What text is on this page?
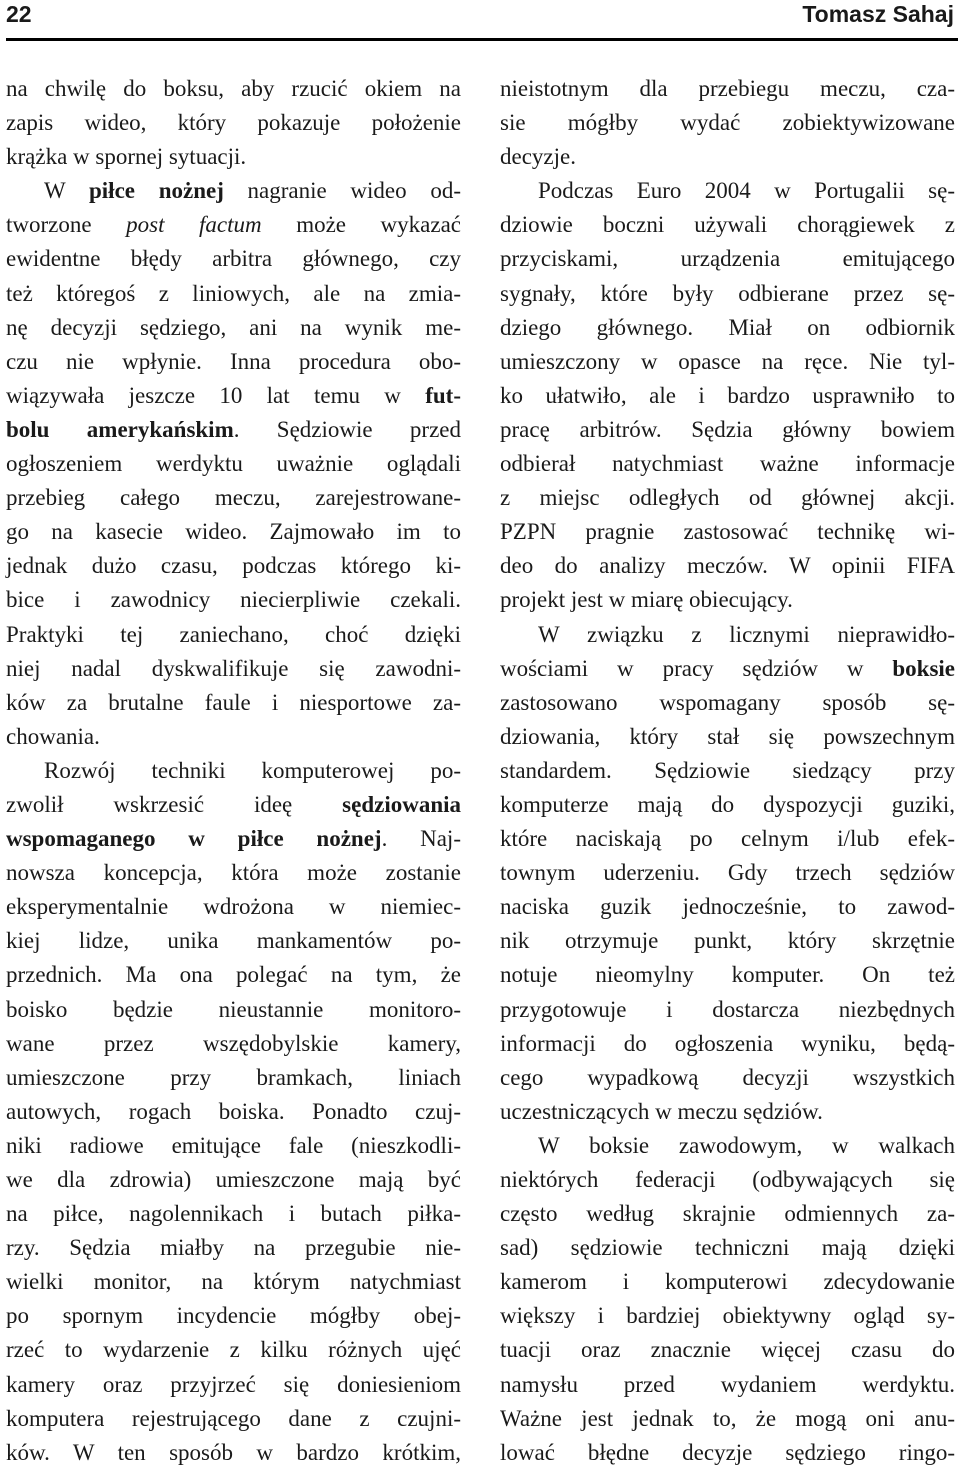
22	Tomasz Sahaj
na chwilę do boksu, aby rzucić okiem na
zapis wideo, który pokazuje położenie
krążka w spornej sytuacji.
W piłce nożnej nagranie wideo od-
tworzone post factum może wykazać
ewidentne błędy arbitra głównego, czy
też któregoś z liniowych, ale na zmia-
nę decyzji sędziego, ani na wynik me-
czu nie wpłynie. Inna procedura obo-
wiązywała jeszcze 10 lat temu w fut-
bolu amerykańskim. Sędziowie przed
ogłoszeniem werdyktu uważnie oglądali
przebieg całego meczu, zarejestrowane-
go na kasecie wideo. Zajmowało im to
jednak dużo czasu, podczas którego ki-
bice i zawodnicy niecierpliwie czekali.
Praktyki tej zaniechano, choć dzięki
niej nadal dyskwalifikuje się zawodni-
ków za brutalne faule i niesportowe za-
chowania.
Rozwój techniki komputerowej po-
zwolił wskrzesić ideę sędziowania
wspomaganego w piłce nożnej. Naj-
nowsza koncepcja, która może zostanie
eksperymentalnie wdrożona w niemiec-
kiej lidze, unika mankamentów po-
przednich. Ma ona polegać na tym, że
boisko będzie nieustannie monitoro-
wane przez wszędobylskie kamery,
umieszczone przy bramkach, liniach
autowych, rogach boiska. Ponadto czuj-
niki radiowe emitujące fale (nieszkodli-
we dla zdrowia) umieszczone mają być
na piłce, nagolennikach i butach piłka-
rzy. Sędzia miałby na przegubie nie-
wielki monitor, na którym natychmiast
po spornym incydencie mógłby obej-
rzeć to wydarzenie z kilku różnych ujęć
kamery oraz przyjrzeć się doniesieniom
komputera rejestrującego dane z czujni-
ków. W ten sposób w bardzo krótkim,
nieistotnym dla przebiegu meczu, cza-
sie mógłby wydać zobiektywizowane
decyzje.
Podczas Euro 2004 w Portugalii sę-
dziowie boczni używali chorągiewek z
przyciskami, urządzenia emitującego
sygnały, które były odbierane przez sę-
dziego głównego. Miał on odbiornik
umieszczony w opasce na ręce. Nie tyl-
ko ułatwiło, ale i bardzo usprawniło to
pracę arbitrów. Sędzia główny bowiem
odbierał natychmiast ważne informacje
z miejsc odległych od głównej akcji.
PZPN pragnie zastosować technikę wi-
deo do analizy meczów. W opinii FIFA
projekt jest w miarę obiecujący.
W związku z licznymi nieprawidło-
wościami w pracy sędziów w boksie
zastosowano wspomagany sposób sę-
dziowania, który stał się powszechnym
standardem. Sędziowie siedzący przy
komputerze mają do dyspozycji guziki,
które naciskają po celnym i/lub efek-
townym uderzeniu. Gdy trzech sędziów
naciska guzik jednocześnie, to zawod-
nik otrzymuje punkt, który skrzętnie
notuje nieomylny komputer. On też
przygotowuje i dostarcza niezbędnych
informacji do ogłoszenia wyniku, będą-
cego wypadkową decyzji wszystkich
uczestniczących w meczu sędziów.
W boksie zawodowym, w walkach
niektórych federacji (odbywających się
często według skrajnie odmiennych za-
sad) sędziowie techniczni mają dzięki
kamerom i komputerowi zdecydowanie
większy i bardziej obiektywny ogląd sy-
tuacji oraz znacznie więcej czasu do
namysłu przed wydaniem werdyktu.
Ważne jest jednak to, że mogą oni anu-
lować błędne decyzje sędziego ringo-
